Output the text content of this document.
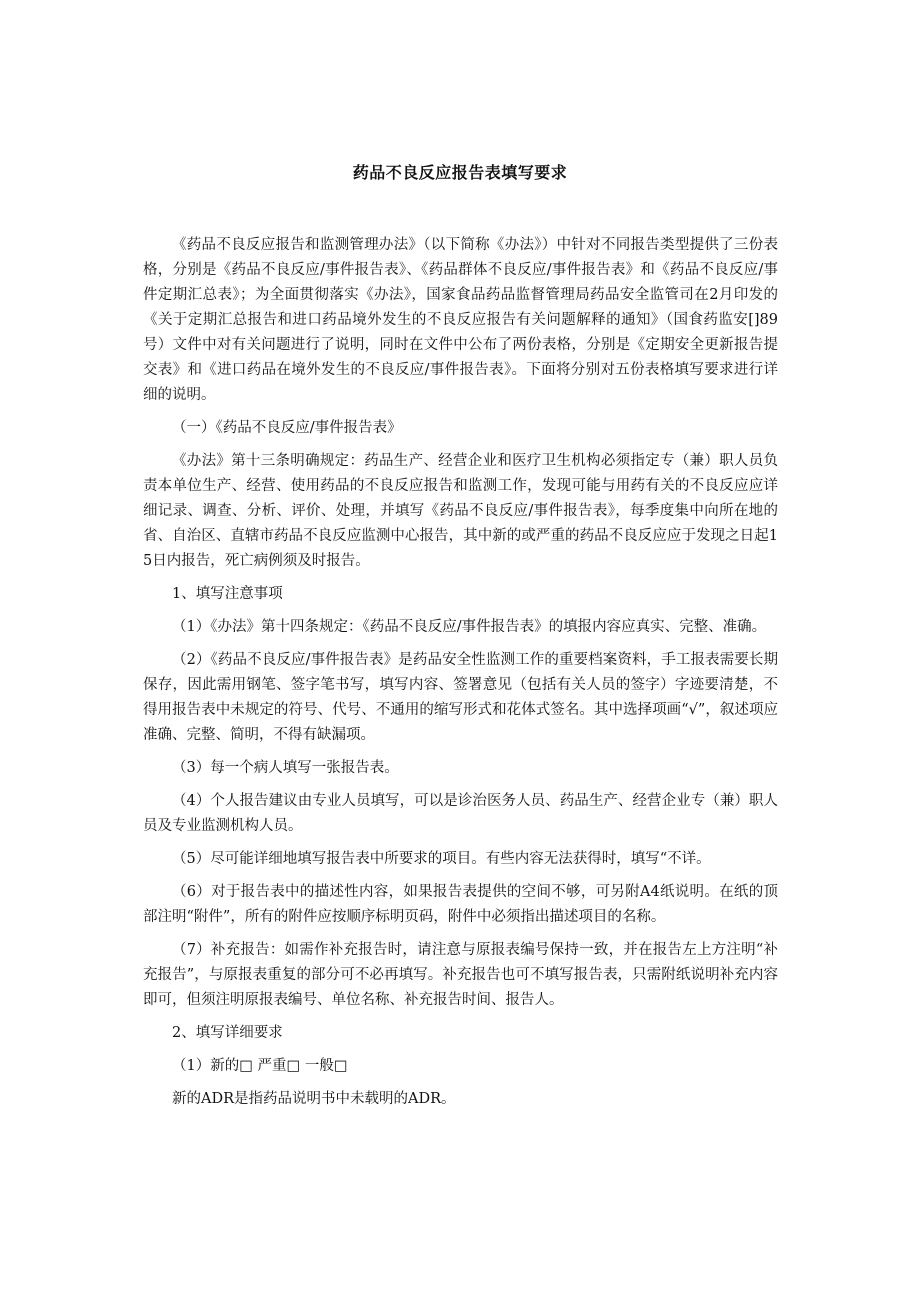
药品不良反应报告表填写要求

《药品不良反应报告和监测管理办法》（以下简称《办法》）中针对不同报告类型提供了三份表格，分别是《药品不良反应/事件报告表》、《药品群体不良反应/事件报告表》和《药品不良反应/事件定期汇总表》；为全面贯彻落实《办法》，国家食品药品监督管理局药品安全监管司在2月印发的《关于定期汇总报告和进口药品境外发生的不良反应报告有关问题解释的通知》（国食药监安[]89号）文件中对有关问题进行了说明，同时在文件中公布了两份表格，分别是《定期安全更新报告提交表》和《进口药品在境外发生的不良反应/事件报告表》。下面将分别对五份表格填写要求进行详细的说明。

（一）《药品不良反应/事件报告表》

《办法》第十三条明确规定：药品生产、经营企业和医疗卫生机构必须指定专（兼）职人员负责本单位生产、经营、使用药品的不良反应报告和监测工作，发现可能与用药有关的不良反应应详细记录、调查、分析、评价、处理，并填写《药品不良反应/事件报告表》，每季度集中向所在地的省、自治区、直辖市药品不良反应监测中心报告，其中新的或严重的药品不良反应应于发现之日起15日内报告，死亡病例须及时报告。

1、填写注意事项

（1）《办法》第十四条规定：《药品不良反应/事件报告表》的填报内容应真实、完整、准确。

（2）《药品不良反应/事件报告表》是药品安全性监测工作的重要档案资料，手工报表需要长期保存，因此需用钢笔、签字笔书写，填写内容、签署意见（包括有关人员的签字）字迹要清楚，不得用报告表中未规定的符号、代号、不通用的缩写形式和花体式签名。其中选择项画“√”，叙述项应准确、完整、简明，不得有缺漏项。

（3）每一个病人填写一张报告表。

（4）个人报告建议由专业人员填写，可以是诊治医务人员、药品生产、经营企业专（兼）职人员及专业监测机构人员。

（5）尽可能详细地填写报告表中所要求的项目。有些内容无法获得时，填写“不详。

（6）对于报告表中的描述性内容，如果报告表提供的空间不够，可另附A4纸说明。在纸的顶部注明“附件”，所有的附件应按顺序标明页码，附件中必须指出描述项目的名称。

（7）补充报告：如需作补充报告时，请注意与原报表编号保持一致，并在报告左上方注明“补充报告”，与原报表重复的部分可不必再填写。补充报告也可不填写报告表，只需附纸说明补充内容即可，但须注明原报表编号、单位名称、补充报告时间、报告人。

2、填写详细要求

（1）新的□ 严重□ 一般□

新的ADR是指药品说明书中未载明的ADR。
